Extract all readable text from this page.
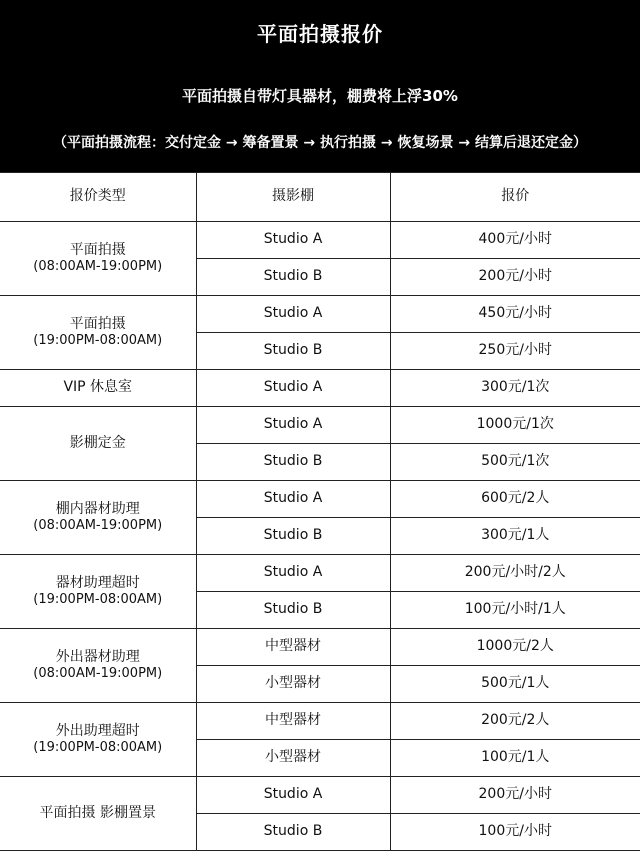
平面拍摄报价
平面拍摄自带灯具器材，棚费将上浮30%
（平面拍摄流程：交付定金 → 筹备置景 → 执行拍摄 → 恢复场景 → 结算后退还定金）
报价类型	摄影棚	报价

平面拍摄
(08:00AM-19:00PM)	Studio A	400元/小时
	Studio B	200元/小时

平面拍摄
(19:00PM-08:00AM)	Studio A	450元/小时
	Studio B	250元/小时

VIP 休息室	Studio A	300元/1次

影棚定金	Studio A	1000元/1次
	Studio B	500元/1次

棚内器材助理
(08:00AM-19:00PM)	Studio A	600元/2人
	Studio B	300元/1人

器材助理超时
(19:00PM-08:00AM)	Studio A	200元/小时/2人
	Studio B	100元/小时/1人

外出器材助理
(08:00AM-19:00PM)	中型器材	1000元/2人
	小型器材	500元/1人

外出助理超时
(19:00PM-08:00AM)	中型器材	200元/2人
	小型器材	100元/1人

平面拍摄 影棚置景	Studio A	200元/小时
	Studio B	100元/小时
